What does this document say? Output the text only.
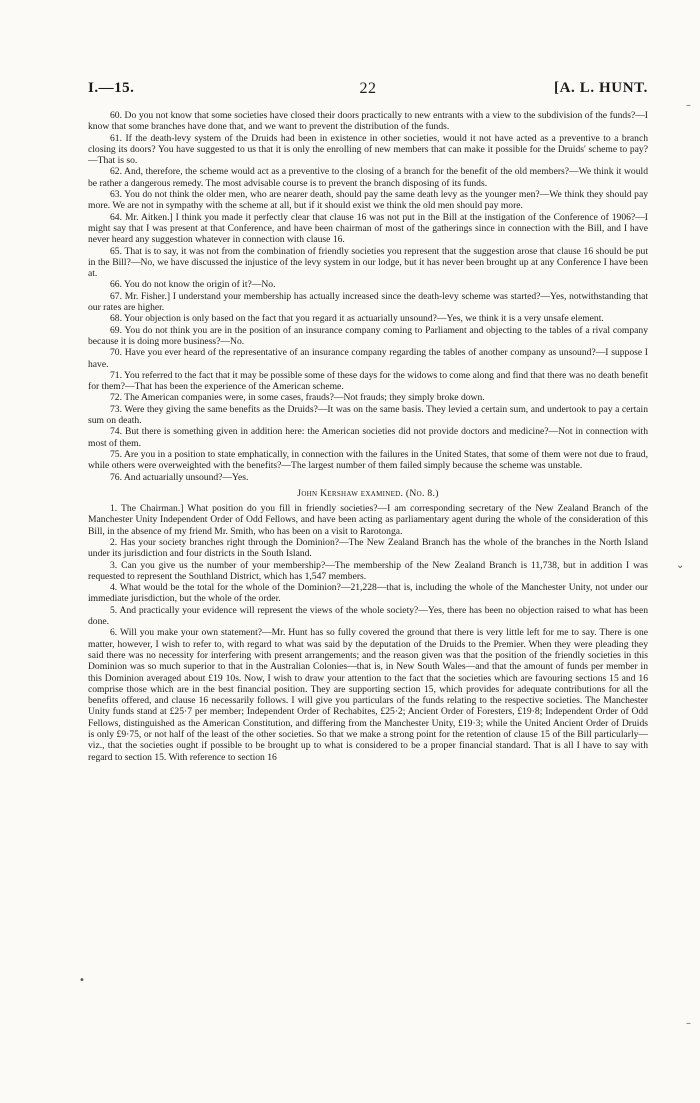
I.—15.	22	[A. L. HUNT.
–
⌄
•
–

60. Do you not know that some societies have closed their doors practically to new entrants with a view to the subdivision of the funds?—I know that some branches have done that, and we want to prevent the distribution of the funds.

61. If the death-levy system of the Druids had been in existence in other societies, would it not have acted as a preventive to a branch closing its doors? You have suggested to us that it is only the enrolling of new members that can make it possible for the Druids' scheme to pay?—That is so.

62. And, therefore, the scheme would act as a preventive to the closing of a branch for the benefit of the old members?—We think it would be rather a dangerous remedy. The most advisable course is to prevent the branch disposing of its funds.

63. You do not think the older men, who are nearer death, should pay the same death levy as the younger men?—We think they should pay more. We are not in sympathy with the scheme at all, but if it should exist we think the old men should pay more.

64. Mr. Aitken.] I think you made it perfectly clear that clause 16 was not put in the Bill at the instigation of the Conference of 1906?—I might say that I was present at that Conference, and have been chairman of most of the gatherings since in connection with the Bill, and I have never heard any suggestion whatever in connection with clause 16.

65. That is to say, it was not from the combination of friendly societies you represent that the suggestion arose that clause 16 should be put in the Bill?—No, we have discussed the injustice of the levy system in our lodge, but it has never been brought up at any Conference I have been at.

66. You do not know the origin of it?—No.

67. Mr. Fisher.] I understand your membership has actually increased since the death-levy scheme was started?—Yes, notwithstanding that our rates are higher.

68. Your objection is only based on the fact that you regard it as actuarially unsound?—Yes, we think it is a very unsafe element.

69. You do not think you are in the position of an insurance company coming to Parliament and objecting to the tables of a rival company because it is doing more business?—No.

70. Have you ever heard of the representative of an insurance company regarding the tables of another company as unsound?—I suppose I have.

71. You referred to the fact that it may be possible some of these days for the widows to come along and find that there was no death benefit for them?—That has been the experience of the American scheme.

72. The American companies were, in some cases, frauds?—Not frauds; they simply broke down.

73. Were they giving the same benefits as the Druids?—It was on the same basis. They levied a certain sum, and undertook to pay a certain sum on death.

74. But there is something given in addition here: the American societies did not provide doctors and medicine?—Not in connection with most of them.

75. Are you in a position to state emphatically, in connection with the failures in the United States, that some of them were not due to fraud, while others were overweighted with the benefits?—The largest number of them failed simply because the scheme was unstable.

76. And actuarially unsound?—Yes.

John Kershaw examined. (No. 8.)

1. The Chairman.] What position do you fill in friendly societies?—I am corresponding secretary of the New Zealand Branch of the Manchester Unity Independent Order of Odd Fellows, and have been acting as parliamentary agent during the whole of the consideration of this Bill, in the absence of my friend Mr. Smith, who has been on a visit to Rarotonga.

2. Has your society branches right through the Dominion?—The New Zealand Branch has the whole of the branches in the North Island under its jurisdiction and four districts in the South Island.

3. Can you give us the number of your membership?—The membership of the New Zealand Branch is 11,738, but in addition I was requested to represent the Southland District, which has 1,547 members.

4. What would be the total for the whole of the Dominion?—21,228—that is, including the whole of the Manchester Unity, not under our immediate jurisdiction, but the whole of the order.

5. And practically your evidence will represent the views of the whole society?—Yes, there has been no objection raised to what has been done.

6. Will you make your own statement?—Mr. Hunt has so fully covered the ground that there is very little left for me to say. There is one matter, however, I wish to refer to, with regard to what was said by the deputation of the Druids to the Premier. When they were pleading they said there was no necessity for interfering with present arrangements; and the reason given was that the position of the friendly societies in this Dominion was so much superior to that in the Australian Colonies—that is, in New South Wales—and that the amount of funds per member in this Dominion averaged about £19 10s. Now, I wish to draw your attention to the fact that the societies which are favouring sections 15 and 16 comprise those which are in the best financial position. They are supporting section 15, which provides for adequate contributions for all the benefits offered, and clause 16 necessarily follows. I will give you particulars of the funds relating to the respective societies. The Manchester Unity funds stand at £25·7 per member; Independent Order of Rechabites, £25·2; Ancient Order of Foresters, £19·8; Independent Order of Odd Fellows, distinguished as the American Constitution, and differing from the Manchester Unity, £19·3; while the United Ancient Order of Druids is only £9·75, or not half of the least of the other societies. So that we make a strong point for the retention of clause 15 of the Bill particularly—viz., that the societies ought if possible to be brought up to what is considered to be a proper financial standard. That is all I have to say with regard to section 15. With reference to section 16
